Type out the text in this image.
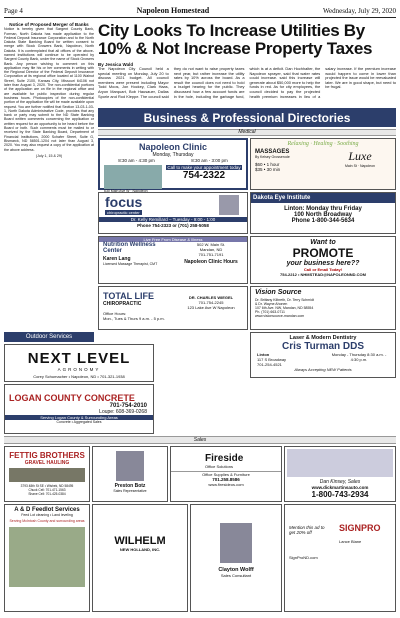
Page 4	Napoleon Homestead	Wednesday, July 29, 2020
Notice of Proposed Merger of Banks
Notice is hereby given that Sargent County Bank, Forman, North Dakota has made application to the Federal Deposit Insurance Corporation and to the North Dakota State Banking Board for written consent to merge with Stock Growers Bank, Napoleon, North Dakota. It is contemplated that all offices of the above-named institutions will continue to be operated by Sargent County Bank, under the name of Stock Growers Bank. Any person wishing to comment on this application may file his or her comments in writing with the Regional Director of the Federal Deposit Insurance Corporation at its regional office located at 1100 Walnut Street, Suite 2100, Kansas City, Missouri 64106 not later than August 3, 2020. The non-confidential portions of the application are on file in the regional office and are available for public inspection during regular business hours. Photocopies of the non-confidential portion of the application file will be made available upon request. You are further notified that Section 13-03-1-03-1, North Dakota Administrative Code, provides that any bank or party may submit to the ND State Banking Board written comments concerning the application or written request for an opportunity to be heard before the Board or both. Such comments must be mailed to or received by the State Banking Board, Department of Financial Institutions, 2000 Schafer Street, Suite G, Bismarck, ND 58501-1204 not later than August 3, 2020. You may also request a copy of the application at the above address.
(July 1, 15 & 29)
City Looks To Increase Utilities By 10% & Not Increase Property Taxes
By Jessica Wald
The Napoleon City Council held a special meeting on Monday, July 20 to discuss 2021 budget. All council members were present including Mayor Todd Moos, Jon Hockey, Clark Haas, Aryon Marquart, Bob Hausauer, Dallas Sporle and Rod Kleppe. The council said they do not want to raise property taxes next year, but rather increase the utility rates by 10% across the board. As a result the council does not need to hold a budget hearing for the public. They discussed how a few account funds are in the hole, including the garbage fund, which is at a deficit. Dan Hochhalter, the Napoleon sprayer, said that water rates could increase. said this increase will generate about $50,000 more to help the funds in red. As for city employees, the council decided to pay the projected health premium increases in lieu of a salary increase. If the premium increase would happen to come in lower than projected the issue would be reevaluated later. We are in good shape, but need to be frugal.
Business & Professional Directories
Medical
Napoleon Clinic
Monday, Thursday
8:30 am - 4:30 pm	8:30 am - 3:00 pm
Call to make your appointment today
754-2322
630 Main Ave W · Napoleon
Relaxing · Healing · Soothing
MASSAGES
By Kelsey Grosserode
$60 • 1 hour
$35 • 30 min
Luxe
Main St · Napoleon
focus
chiropractic center
Dr. Kelly Remillard – Tuesday - 9:00 - 1:00
Phone 754-2323 or (701) 258-5058
Dakota Eye Institute
Linton: Monday thru Friday
100 North Broadway
Phone 1-800-344-5634
Live Free From Disease & Illness
Nutrition Wellness Center
Karen Lang
Licensed Massage Therapist, CMT
502 W. Main St.
Mandan, ND
701-751-7191
Napoleon Clinic Hours
Want to
PROMOTE
your business here??
Call or Email Today!
754-2212 • NHMSTEAD@NAPOLEONND.COM
TOTAL LIFE
CHIROPRACTIC
Office Hours:
Mon., Tues & Thurs 9 a.m. - 5 p.m.
DR. CHARLES WIEGEL
701-754-2245
123 Lake Ave W Napoleon
Vision Source
Dr. Brittany Kilbreth, Dr. Terry Schmidt
& Dr. Wayne Ahonen
107 6th Ave. NW, Mandan, ND 58554
Ph. (701) 663-0711
www.visionsource-mandan.com
Laser & Modern Dentistry
Cris Turman DDS
Linton
117 S Broadway
701-254-4521
Monday - Thursday 8:30 a.m. - 4:30 p.m.
Always Accepting NEW Patients
Outdoor Services
NEXT LEVEL
AGRONOMY
Corey Schumacher • Napoleon, ND • 701-321-1938
LOGAN COUNTY CONCRETE
701-754-2010
Loupe: 608-369-0268
Serving Logan County & Surrounding Areas
Concrete • Aggregated Sales
Sales
FETTIG BROTHERS
GRAVEL HAULING
3793 48th St SE • Wishek, ND 58495
Chuck Cell: 701-471-1563
Shane Cell: 701-425-0384
A & D Feedlot Services
Feed Lot cleaning • Land leveling
Serving McIntosh County and surrounding areas
Preston Botz
Sales Representative
Fireside
Office Solutions
Office Supplies & Furniture
701.258.8586
www.firesideos.com	Dan Kinsey, Sales
www.dickmartinsauto.com
1-800-743-2934
WILHELM
NEW HOLLAND, INC.
Clayton Wolff
Sales Consultant
Mention this ad to get 20% off	SIGNPRO
Lance Blane
SignProND.com
